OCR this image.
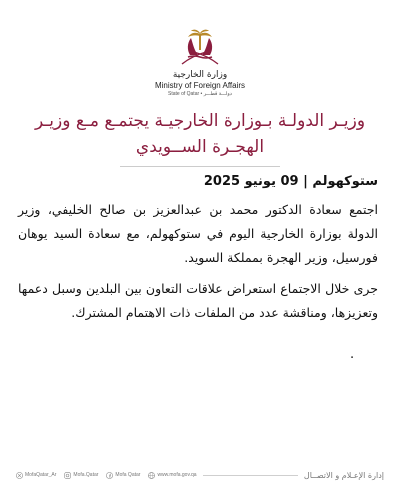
وزارة الخارجية
Ministry of Foreign Affairs
State of Qatar • دولـــة قطـــر
وزيـر الدولـة بـوزارة الخارجيـة يجتمـع مـع وزيـر الهجـرة الســويدي
ستوكهولم | 09 يونيو 2025

اجتمع سعادة الدكتور محمد بن عبدالعزيز بن صالح الخليفي، وزير الدولة بوزارة الخارجية اليوم في ستوكهولم، مع سعادة السيد يوهان فورسيل، وزير الهجرة بمملكة السويد.

جرى خلال الاجتماع استعراض علاقات التعاون بين البلدين وسبل دعمها وتعزيزها، ومناقشة عدد من الملفات ذات الاهتمام المشترك.

.
MofaQatar_Ar	Mofa.Qatar	Mofa Qatar	www.mofa.gov.qa	إدارة الإعـلام و الاتصــال
